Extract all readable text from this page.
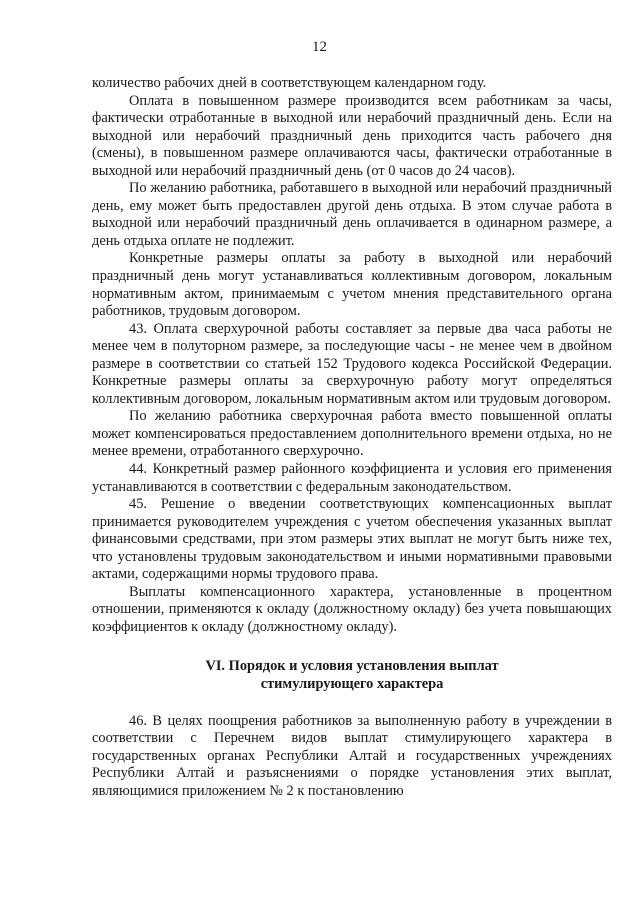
12

количество рабочих дней в соответствующем календарном году.

Оплата в повышенном размере производится всем работникам за часы, фактически отработанные в выходной или нерабочий праздничный день. Если на выходной или нерабочий праздничный день приходится часть рабочего дня (смены), в повышенном размере оплачиваются часы, фактически отработанные в выходной или нерабочий праздничный день (от 0 часов до 24 часов).

По желанию работника, работавшего в выходной или нерабочий праздничный день, ему может быть предоставлен другой день отдыха. В этом случае работа в выходной или нерабочий праздничный день оплачивается в одинарном размере, а день отдыха оплате не подлежит.

Конкретные размеры оплаты за работу в выходной или нерабочий праздничный день могут устанавливаться коллективным договором, локальным нормативным актом, принимаемым с учетом мнения представительного органа работников, трудовым договором.

43. Оплата сверхурочной работы составляет за первые два часа работы не менее чем в полуторном размере, за последующие часы - не менее чем в двойном размере в соответствии со статьей 152 Трудового кодекса Российской Федерации. Конкретные размеры оплаты за сверхурочную работу могут определяться коллективным договором, локальным нормативным актом или трудовым договором.

По желанию работника сверхурочная работа вместо повышенной оплаты может компенсироваться предоставлением дополнительного времени отдыха, но не менее времени, отработанного сверхурочно.

44. Конкретный размер районного коэффициента и условия его применения устанавливаются в соответствии с федеральным законодательством.

45. Решение о введении соответствующих компенсационных выплат принимается руководителем учреждения с учетом обеспечения указанных выплат финансовыми средствами, при этом размеры этих выплат не могут быть ниже тех, что установлены трудовым законодательством и иными нормативными правовыми актами, содержащими нормы трудового права.

Выплаты компенсационного характера, установленные в процентном отношении, применяются к окладу (должностному окладу) без учета повышающих коэффициентов к окладу (должностному окладу).

VI. Порядок и условия установления выплат
стимулирующего характера

46. В целях поощрения работников за выполненную работу в учреждении в соответствии с Перечнем видов выплат стимулирующего характера в государственных органах Республики Алтай и государственных учреждениях Республики Алтай и разъяснениями о порядке установления этих выплат, являющимися приложением № 2 к постановлению
